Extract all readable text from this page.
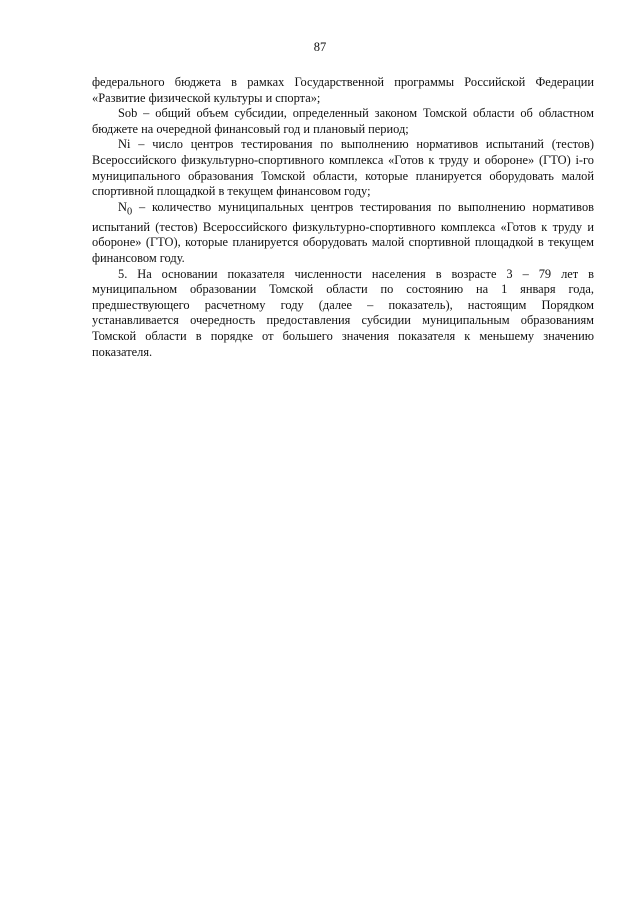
87

федерального бюджета в рамках Государственной программы Российской Федерации «Развитие физической культуры и спорта»;

Sob – общий объем субсидии, определенный законом Томской области об областном бюджете на очередной финансовый год и плановый период;

Ni – число центров тестирования по выполнению нормативов испытаний (тестов) Всероссийского физкультурно-спортивного комплекса «Готов к труду и обороне» (ГТО) i-го муниципального образования Томской области, которые планируется оборудовать малой спортивной площадкой в текущем финансовом году;

$N_0$ – количество муниципальных центров тестирования по выполнению нормативов испытаний (тестов) Всероссийского физкультурно-спортивного комплекса «Готов к труду и обороне» (ГТО), которые планируется оборудовать малой спортивной площадкой в текущем финансовом году.

5. На основании показателя численности населения в возрасте 3 – 79 лет в муниципальном образовании Томской области по состоянию на 1 января года, предшествующего расчетному году (далее – показатель), настоящим Порядком устанавливается очередность предоставления субсидии муниципальным образованиям Томской области в порядке от большего значения показателя к меньшему значению показателя.
